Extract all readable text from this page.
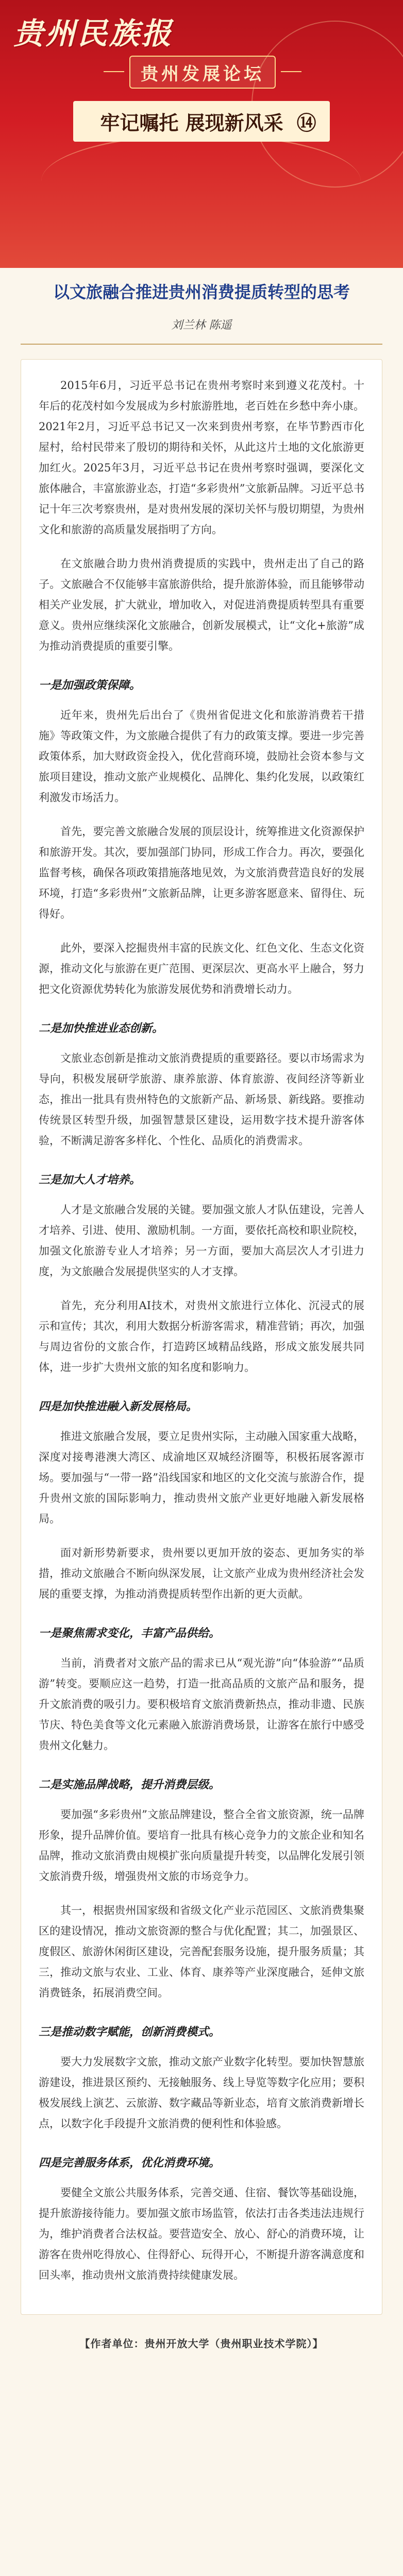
贵州民族报
贵州发展论坛
牢记嘱托 展现新风采 ⑭
以文旅融合推进贵州消费提质转型的思考
刘兰林 陈遥

2015年6月，习近平总书记在贵州考察时来到遵义花茂村。十年后的花茂村如今发展成为乡村旅游胜地，老百姓在乡愁中奔小康。2021年2月，习近平总书记又一次来到贵州考察，在毕节黔西市化屋村，给村民带来了殷切的期待和关怀，从此这片土地的文化旅游更加红火。2025年3月，习近平总书记在贵州考察时强调，要深化文旅体融合，丰富旅游业态，打造“多彩贵州”文旅新品牌。习近平总书记十年三次考察贵州，是对贵州发展的深切关怀与殷切期望，为贵州文化和旅游的高质量发展指明了方向。

在文旅融合助力贵州消费提质的实践中，贵州走出了自己的路子。文旅融合不仅能够丰富旅游供给，提升旅游体验，而且能够带动相关产业发展，扩大就业，增加收入，对促进消费提质转型具有重要意义。贵州应继续深化文旅融合，创新发展模式，让“文化+旅游”成为推动消费提质的重要引擎。

一是加强政策保障。

近年来，贵州先后出台了《贵州省促进文化和旅游消费若干措施》等政策文件，为文旅融合提供了有力的政策支撑。要进一步完善政策体系，加大财政资金投入，优化营商环境，鼓励社会资本参与文旅项目建设，推动文旅产业规模化、品牌化、集约化发展，以政策红利激发市场活力。

首先，要完善文旅融合发展的顶层设计，统筹推进文化资源保护和旅游开发。其次，要加强部门协同，形成工作合力。再次，要强化监督考核，确保各项政策措施落地见效，为文旅消费营造良好的发展环境，打造“多彩贵州”文旅新品牌，让更多游客愿意来、留得住、玩得好。

此外，要深入挖掘贵州丰富的民族文化、红色文化、生态文化资源，推动文化与旅游在更广范围、更深层次、更高水平上融合，努力把文化资源优势转化为旅游发展优势和消费增长动力。

二是加快推进业态创新。

文旅业态创新是推动文旅消费提质的重要路径。要以市场需求为导向，积极发展研学旅游、康养旅游、体育旅游、夜间经济等新业态，推出一批具有贵州特色的文旅新产品、新场景、新线路。要推动传统景区转型升级，加强智慧景区建设，运用数字技术提升游客体验，不断满足游客多样化、个性化、品质化的消费需求。

三是加大人才培养。

人才是文旅融合发展的关键。要加强文旅人才队伍建设，完善人才培养、引进、使用、激励机制。一方面，要依托高校和职业院校，加强文化旅游专业人才培养；另一方面，要加大高层次人才引进力度，为文旅融合发展提供坚实的人才支撑。

首先，充分利用AI技术，对贵州文旅进行立体化、沉浸式的展示和宣传；其次，利用大数据分析游客需求，精准营销；再次，加强与周边省份的文旅合作，打造跨区域精品线路，形成文旅发展共同体，进一步扩大贵州文旅的知名度和影响力。

四是加快推进融入新发展格局。

推进文旅融合发展，要立足贵州实际，主动融入国家重大战略，深度对接粤港澳大湾区、成渝地区双城经济圈等，积极拓展客源市场。要加强与“一带一路”沿线国家和地区的文化交流与旅游合作，提升贵州文旅的国际影响力，推动贵州文旅产业更好地融入新发展格局。

面对新形势新要求，贵州要以更加开放的姿态、更加务实的举措，推动文旅融合不断向纵深发展，让文旅产业成为贵州经济社会发展的重要支撑，为推动消费提质转型作出新的更大贡献。

一是聚焦需求变化，丰富产品供给。

当前，消费者对文旅产品的需求已从“观光游”向“体验游”“品质游”转变。要顺应这一趋势，打造一批高品质的文旅产品和服务，提升文旅消费的吸引力。要积极培育文旅消费新热点，推动非遗、民族节庆、特色美食等文化元素融入旅游消费场景，让游客在旅行中感受贵州文化魅力。

二是实施品牌战略，提升消费层级。

要加强“多彩贵州”文旅品牌建设，整合全省文旅资源，统一品牌形象，提升品牌价值。要培育一批具有核心竞争力的文旅企业和知名品牌，推动文旅消费由规模扩张向质量提升转变，以品牌化发展引领文旅消费升级，增强贵州文旅的市场竞争力。

其一，根据贵州国家级和省级文化产业示范园区、文旅消费集聚区的建设情况，推动文旅资源的整合与优化配置；其二，加强景区、度假区、旅游休闲街区建设，完善配套服务设施，提升服务质量；其三，推动文旅与农业、工业、体育、康养等产业深度融合，延伸文旅消费链条，拓展消费空间。

三是推动数字赋能，创新消费模式。

要大力发展数字文旅，推动文旅产业数字化转型。要加快智慧旅游建设，推进景区预约、无接触服务、线上导览等数字化应用；要积极发展线上演艺、云旅游、数字藏品等新业态，培育文旅消费新增长点，以数字化手段提升文旅消费的便利性和体验感。

四是完善服务体系，优化消费环境。

要健全文旅公共服务体系，完善交通、住宿、餐饮等基础设施，提升旅游接待能力。要加强文旅市场监管，依法打击各类违法违规行为，维护消费者合法权益。要营造安全、放心、舒心的消费环境，让游客在贵州吃得放心、住得舒心、玩得开心，不断提升游客满意度和回头率，推动贵州文旅消费持续健康发展。

【作者单位：贵州开放大学（贵州职业技术学院）】
